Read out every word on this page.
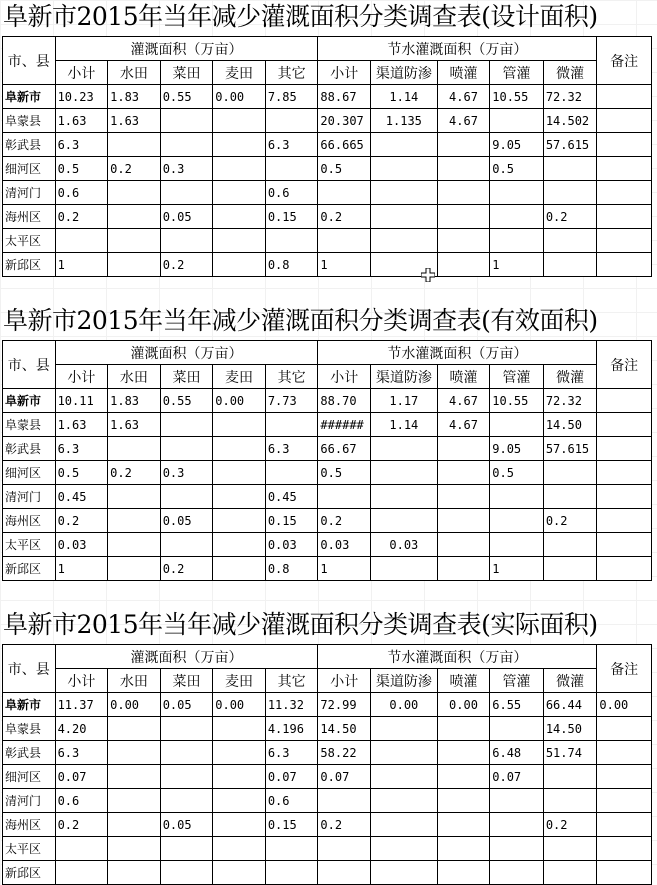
阜新市2015年当年减少灌溉面积分类调查表(设计面积)
市、县	灌溉面积（万亩）					节水灌溉面积（万亩）					备注
	小计	水田	菜田	麦田	其它	小计	渠道防渗	喷灌	管灌	微灌	
阜新市	10.23	1.83	0.55	0.00	7.85	88.67	1.14	4.67	10.55	72.32	
阜蒙县	1.63	1.63				20.307	1.135	4.67		14.502	
彰武县	6.3				6.3	66.665			9.05	57.615	
细河区	0.5	0.2	0.3			0.5			0.5		
清河门	0.6				0.6						
海州区	0.2		0.05		0.15	0.2				0.2	
太平区											
新邱区	1		0.2		0.8	1			1		
阜新市2015年当年减少灌溉面积分类调查表(有效面积)
市、县	灌溉面积（万亩）					节水灌溉面积（万亩）					备注
	小计	水田	菜田	麦田	其它	小计	渠道防渗	喷灌	管灌	微灌	
阜新市	10.11	1.83	0.55	0.00	7.73	88.70	1.17	4.67	10.55	72.32	
阜蒙县	1.63	1.63				######	1.14	4.67		14.50	
彰武县	6.3				6.3	66.67			9.05	57.615	
细河区	0.5	0.2	0.3			0.5			0.5		
清河门	0.45				0.45						
海州区	0.2		0.05		0.15	0.2				0.2	
太平区	0.03				0.03	0.03	0.03				
新邱区	1		0.2		0.8	1			1		
阜新市2015年当年减少灌溉面积分类调查表(实际面积)
市、县	灌溉面积（万亩）					节水灌溉面积（万亩）					备注
	小计	水田	菜田	麦田	其它	小计	渠道防渗	喷灌	管灌	微灌	
阜新市	11.37	0.00	0.05	0.00	11.32	72.99	0.00	0.00	6.55	66.44	0.00
阜蒙县	4.20				4.196	14.50				14.50	
彰武县	6.3				6.3	58.22			6.48	51.74	
细河区	0.07				0.07	0.07			0.07		
清河门	0.6				0.6						
海州区	0.2		0.05		0.15	0.2				0.2	
太平区											
新邱区											
